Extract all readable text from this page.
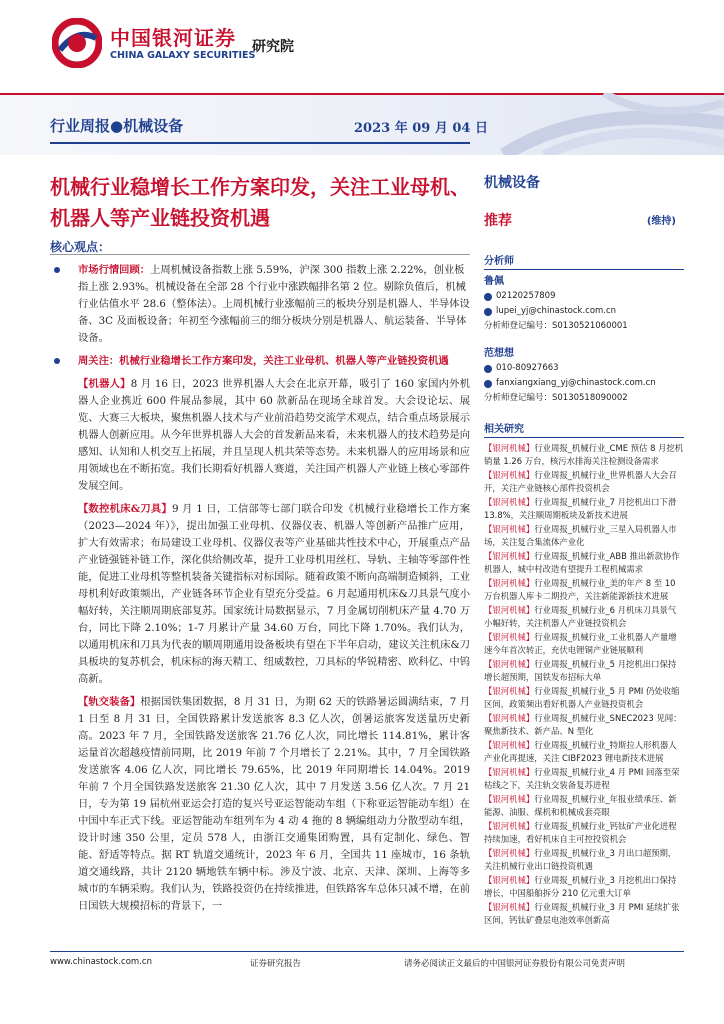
中国银河证券
CHINA GALAXY SECURITIES
研究院
行业周报●机械设备	2023 年 09 月 04 日
机械行业稳增长工作方案印发，关注工业母机、机器人等产业链投资机遇
核心观点：
市场行情回顾：上周机械设备指数上涨 5.59%，沪深 300 指数上涨 2.22%，创业板指上涨 2.93%。机械设备在全部 28 个行业中涨跌幅排名第 2 位。剔除负值后，机械行业估值水平 28.6（整体法）。上周机械行业涨幅前三的板块分别是机器人、半导体设备、3C 及面板设备；年初至今涨幅前三的细分板块分别是机器人、航运装备、半导体设备。
周关注：机械行业稳增长工作方案印发，关注工业母机、机器人等产业链投资机遇

【机器人】8 月 16 日，2023 世界机器人大会在北京开幕，吸引了 160 家国内外机器人企业携近 600 件展品参展，其中 60 款新品在现场全球首发。大会设论坛、展览、大赛三大板块，聚焦机器人技术与产业前沿趋势交流学术观点，结合重点场景展示机器人创新应用。从今年世界机器人大会的首发新品来看，未来机器人的技术趋势是向感知、认知和人机交互上拓展，并且呈现人机共荣等态势。未来机器人的应用场景和应用领域也在不断拓宽。我们长期看好机器人赛道，关注国产机器人产业链上核心零部件发展空间。

【数控机床&刀具】9 月 1 日，工信部等七部门联合印发《机械行业稳增长工作方案（2023—2024 年）》，提出加强工业母机、仪器仪表、机器人等创新产品推广应用，扩大有效需求；布局建设工业母机、仪器仪表等产业基础共性技术中心，开展重点产品产业链强链补链工作，深化供给侧改革，提升工业母机用丝杠、导轨、主轴等零部件性能，促进工业母机等整机装备关键指标对标国际。随着政策不断向高端制造倾斜，工业母机利好政策频出，产业链各环节企业有望充分受益。6 月起通用机床&刀具景气度小幅好转，关注顺周期底部复苏。国家统计局数据显示，7 月金属切削机床产量 4.70 万台，同比下降 2.10%；1-7 月累计产量 34.60 万台，同比下降 1.70%。我们认为，以通用机床和刀具为代表的顺周期通用设备板块有望在下半年启动，建议关注机床&刀具板块的复苏机会，机床标的海天精工、纽威数控，刀具标的华锐精密、欧科亿、中钨高新。

【轨交装备】根据国铁集团数据，8 月 31 日，为期 62 天的铁路暑运圆满结束，7 月 1 日至 8 月 31 日，全国铁路累计发送旅客 8.3 亿人次，创暑运旅客发送量历史新高。2023 年 7 月，全国铁路发送旅客 21.76 亿人次，同比增长 114.81%，累计客运量首次超越疫情前同期，比 2019 年前 7 个月增长了 2.21%。其中，7 月全国铁路发送旅客 4.06 亿人次，同比增长 79.65%，比 2019 年同期增长 14.04%。2019 年前 7 个月全国铁路发送旅客 21.30 亿人次，其中 7 月发送 3.56 亿人次。7 月 21 日，专为第 19 届杭州亚运会打造的复兴号亚运智能动车组（下称亚运智能动车组）在中国中车正式下线。亚运智能动车组列车为 4 动 4 拖的 8 辆编组动力分散型动车组，设计时速 350 公里，定员 578 人，由浙江交通集团购置，具有定制化、绿色、智能、舒适等特点。据 RT 轨道交通统计，2023 年 6 月，全国共 11 座城市，16 条轨道交通线路，共计 2120 辆地铁车辆中标。涉及宁波、北京、天津、深圳、上海等多城市的车辆采购。我们认为，铁路投资仍在持续推进，但铁路客车总体只减不增，在前日国铁大规模招标的背景下，一

机械设备
推荐	(维持)
分析师
鲁佩
02120257809
lupei_yj@chinastock.com.cn
分析师登记编号：S0130521060001
范想想
010-80927663
fanxiangxiang_yj@chinastock.com.cn
分析师登记编号：S0130518090002
相关研究
【银河机械】行业周报_机械行业_CME 预估 8 月挖机销量 1.26 万台，核污水排海关注检测设备需求
【银河机械】行业周报_机械行业_世界机器人大会召开，关注产业链核心部件投资机会
【银河机械】行业周报_机械行业_7 月挖机出口下滑 13.8%，关注顺周期板块及新技术进展
【银河机械】行业周报_机械行业_三星入局机器人市场，关注复合集流体产业化
【银河机械】行业周报_机械行业_ABB 推出新款协作机器人，城中村改造有望提升工程机械需求
【银河机械】行业周报_机械行业_美的年产 8 至 10 万台机器人库卡二期投产，关注新能源新技术进展
【银河机械】行业周报_机械行业_6 月机床刀具景气小幅好转，关注机器人产业链投资机会
【银河机械】行业周报_机械行业_工业机器人产量增速今年首次转正，充伏电锂铜产业链展顺利
【银河机械】行业周报_机械行业_5 月挖机出口保持增长超预期，国铁发布招标大单
【银河机械】行业周报_机械行业_5 月 PMI 仍处收缩区间，政策频出看好机器人产业链投资机会
【银河机械】行业周报_机械行业_SNEC2023 见闻：聚焦新技术、新产品、N 型化
【银河机械】行业周报_机械行业_特斯拉人形机器人产业化再提速，关注 CIBF2023 锂电新技术进展
【银河机械】行业周报_机械行业_4 月 PMI 回落至荣枯线之下，关注轨交装备复苏进程
【银河机械】行业周报_机械行业_年报业绩承压、新能源、油服、煤机和机械成套亮眼
【银河机械】行业周报_机械行业_钙钛矿产业化进程持续加速，看好机床自主可控投资机会
【银河机械】行业周报_机械行业_3 月出口超预期，关注机械行业出口链投资机遇
【银河机械】行业周报_机械行业_3 月挖机出口保持增长，中国船舶拆分 210 亿元重大订单
【银河机械】行业周报_机械行业_3 月 PMI 延续扩张区间，钙钛矿叠层电池效率创新高
www.chinastock.com.cn	证券研究报告	请务必阅读正文最后的中国银河证券股份有限公司免责声明
